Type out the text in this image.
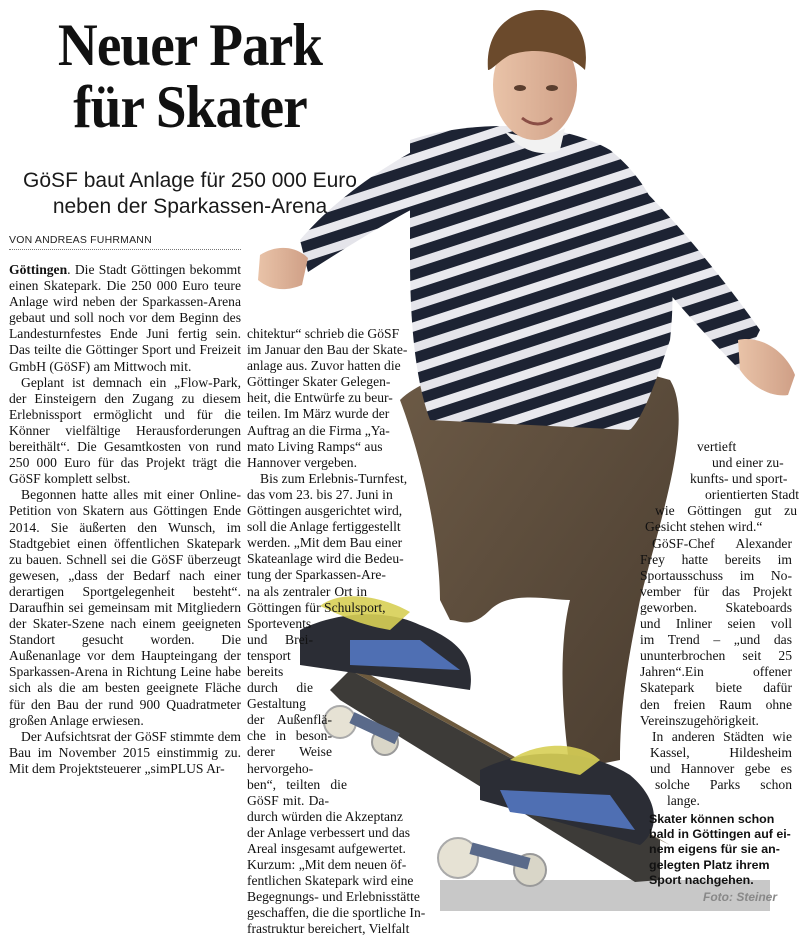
Neuer Park
für Skater
GöSF baut Anlage für 250 000 Euro
neben der Sparkassen-Arena
VON ANDREAS FUHRMANN

Göttingen. Die Stadt Göttingen bekommt einen Skatepark. Die 250 000 Euro teure Anlage wird neben der Sparkassen-Arena gebaut und soll noch vor dem Beginn des Landesturnfestes Ende Juni fertig sein. Das teilte die Göttinger Sport und Freizeit GmbH (GöSF) am Mittwoch mit.

Geplant ist demnach ein „Flow-Park, der Einsteigern den Zugang zu diesem Erlebnissport ermöglicht und für die Könner vielfältige Herausforderungen bereithält“. Die Gesamtkosten von rund 250 000 Euro für das Projekt trägt die GöSF komplett selbst.

Begonnen hatte alles mit einer Online-Petition von Skatern aus Göttingen Ende 2014. Sie äußerten den Wunsch, im Stadtgebiet einen öffentlichen Skatepark zu bauen. Schnell sei die GöSF überzeugt gewesen, „dass der Bedarf nach einer derartigen Sportgelegenheit besteht“. Daraufhin sei gemeinsam mit Mitgliedern der Skater-Szene nach einem geeigneten Standort gesucht worden. Die Außenanlage vor dem Haupteingang der Sparkassen-Arena in Richtung Leine habe sich als die am besten geeignete Fläche für den Bau der rund 900 Quadratmeter großen Anlage erwiesen.

Der Aufsichtsrat der GöSF stimmte dem Bau im November 2015 einstimmig zu. Mit dem Projektsteuerer „simPLUS Ar-

chitektur“ schrieb die GöSF
im Januar den Bau der Skate-
anlage aus. Zuvor hatten die
Göttinger Skater Gelegen-
heit, die Entwürfe zu beur-
teilen. Im März wurde der
Auftrag an die Firma „Ya-
mato Living Ramps“ aus
Hannover vergeben.
Bis zum Erlebnis-Turnfest,
das vom 23. bis 27. Juni in
Göttingen ausgerichtet wird,
soll die Anlage fertiggestellt
werden. „Mit dem Bau einer
Skateanlage wird die Bedeu-
tung der Sparkassen-Are-
na als zentraler Ort in
Göttingen für Schulsport,
Sportevents
und Brei-
tensport
bereits
durch die
Gestaltung
der Außenflä-
che in beson-
derer Weise
hervorgeho-
ben“, teilten die
GöSF mit. Da-
durch würden die Akzeptanz
der Anlage verbessert und das
Areal insgesamt aufgewertet.
Kurzum: „Mit dem neuen öf-
fentlichen Skatepark wird eine
Begegnungs- und Erlebnisstätte
geschaffen, die die sportliche In-
frastruktur bereichert, Vielfalt
vertieft
und einer zu-
kunfts- und sport-
orientierten Stadt
wie Göttingen gut zu
Gesicht stehen wird.“
GöSF-Chef Alexander
Frey hatte bereits im
Sportausschuss im No-
vember für das Projekt
geworben. Skateboards
und Inliner seien voll
im Trend – „und das
ununterbrochen seit 25
Jahren“.Ein offener
Skatepark biete dafür
den freien Raum ohne
Vereinszugehörigkeit.
In anderen Städten wie
Kassel, Hildesheim
und Hannover gebe es
solche Parks schon
lange.
Skater können schon
bald in Göttingen auf ei-
nem eigens für sie an-
gelegten Platz ihrem
Sport nachgehen.
Foto: Steiner
